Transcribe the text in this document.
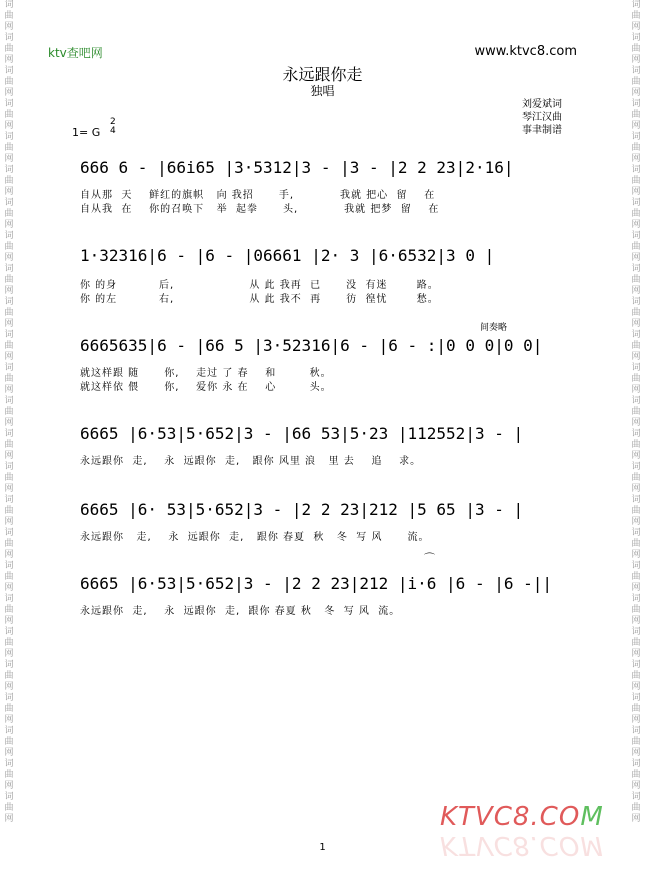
词曲网词曲网词曲网词曲网词曲网词曲网词曲网词曲网词曲网词曲网词曲网词曲网词曲网词曲网词曲网词曲网词曲网词曲网词曲网词曲网词曲网词曲网词曲网词曲网词曲网
词曲网词曲网词曲网词曲网词曲网词曲网词曲网词曲网词曲网词曲网词曲网词曲网词曲网词曲网词曲网词曲网词曲网词曲网词曲网词曲网词曲网词曲网词曲网词曲网词曲网
ktv查吧网	www.ktvc8.com
永远跟你走
独唱
刘爱斌词
琴江汉曲
事聿制谱
1= G
2
4
666 6 - |66i65 |3·5312|3 - |3 - |2 2 23|2·16|
自从那  天    鲜红的旗帜   向 我招      手,           我就 把心  留    在
自从我  在    你的召唤下   举  起拳      头,           我就 把梦  留    在
1·32316|6 - |6 - |06661 |2· 3 |6·6532|3 0 |
你 的身          后,                  从 此 我再  已      没  有迷       路。
你 的左          右,                  从 此 我不  再      彷  徨忧       愁。
间奏略
6665635|6 - |66 5 |3·52316|6 - |6 - :|0 0 0|0 0|
就这样跟 随      你,    走过 了 春    和        秋。
就这样依 偎      你,    爱你 永 在    心        头。
6665 |6·53|5·652|3 - |66 53|5·23 |112552|3 - |
永远跟你  走,    永  远跟你  走,   跟你 风里 浪   里 去    追    求。
6665 |6· 53|5·652|3 - |2 2 23|212 |5 65 |3 - |
永远跟你   走,    永  远跟你  走,   跟你 春夏  秋   冬  写 风      流。
⌒
6665 |6·53|5·652|3 - |2 2 23|212 |i·6 |6 - |6 -||
永远跟你  走,    永  远跟你  走,  跟你 春夏 秋   冬  写 风  流。
KTVC8.COM
KTVC8.COM
1
